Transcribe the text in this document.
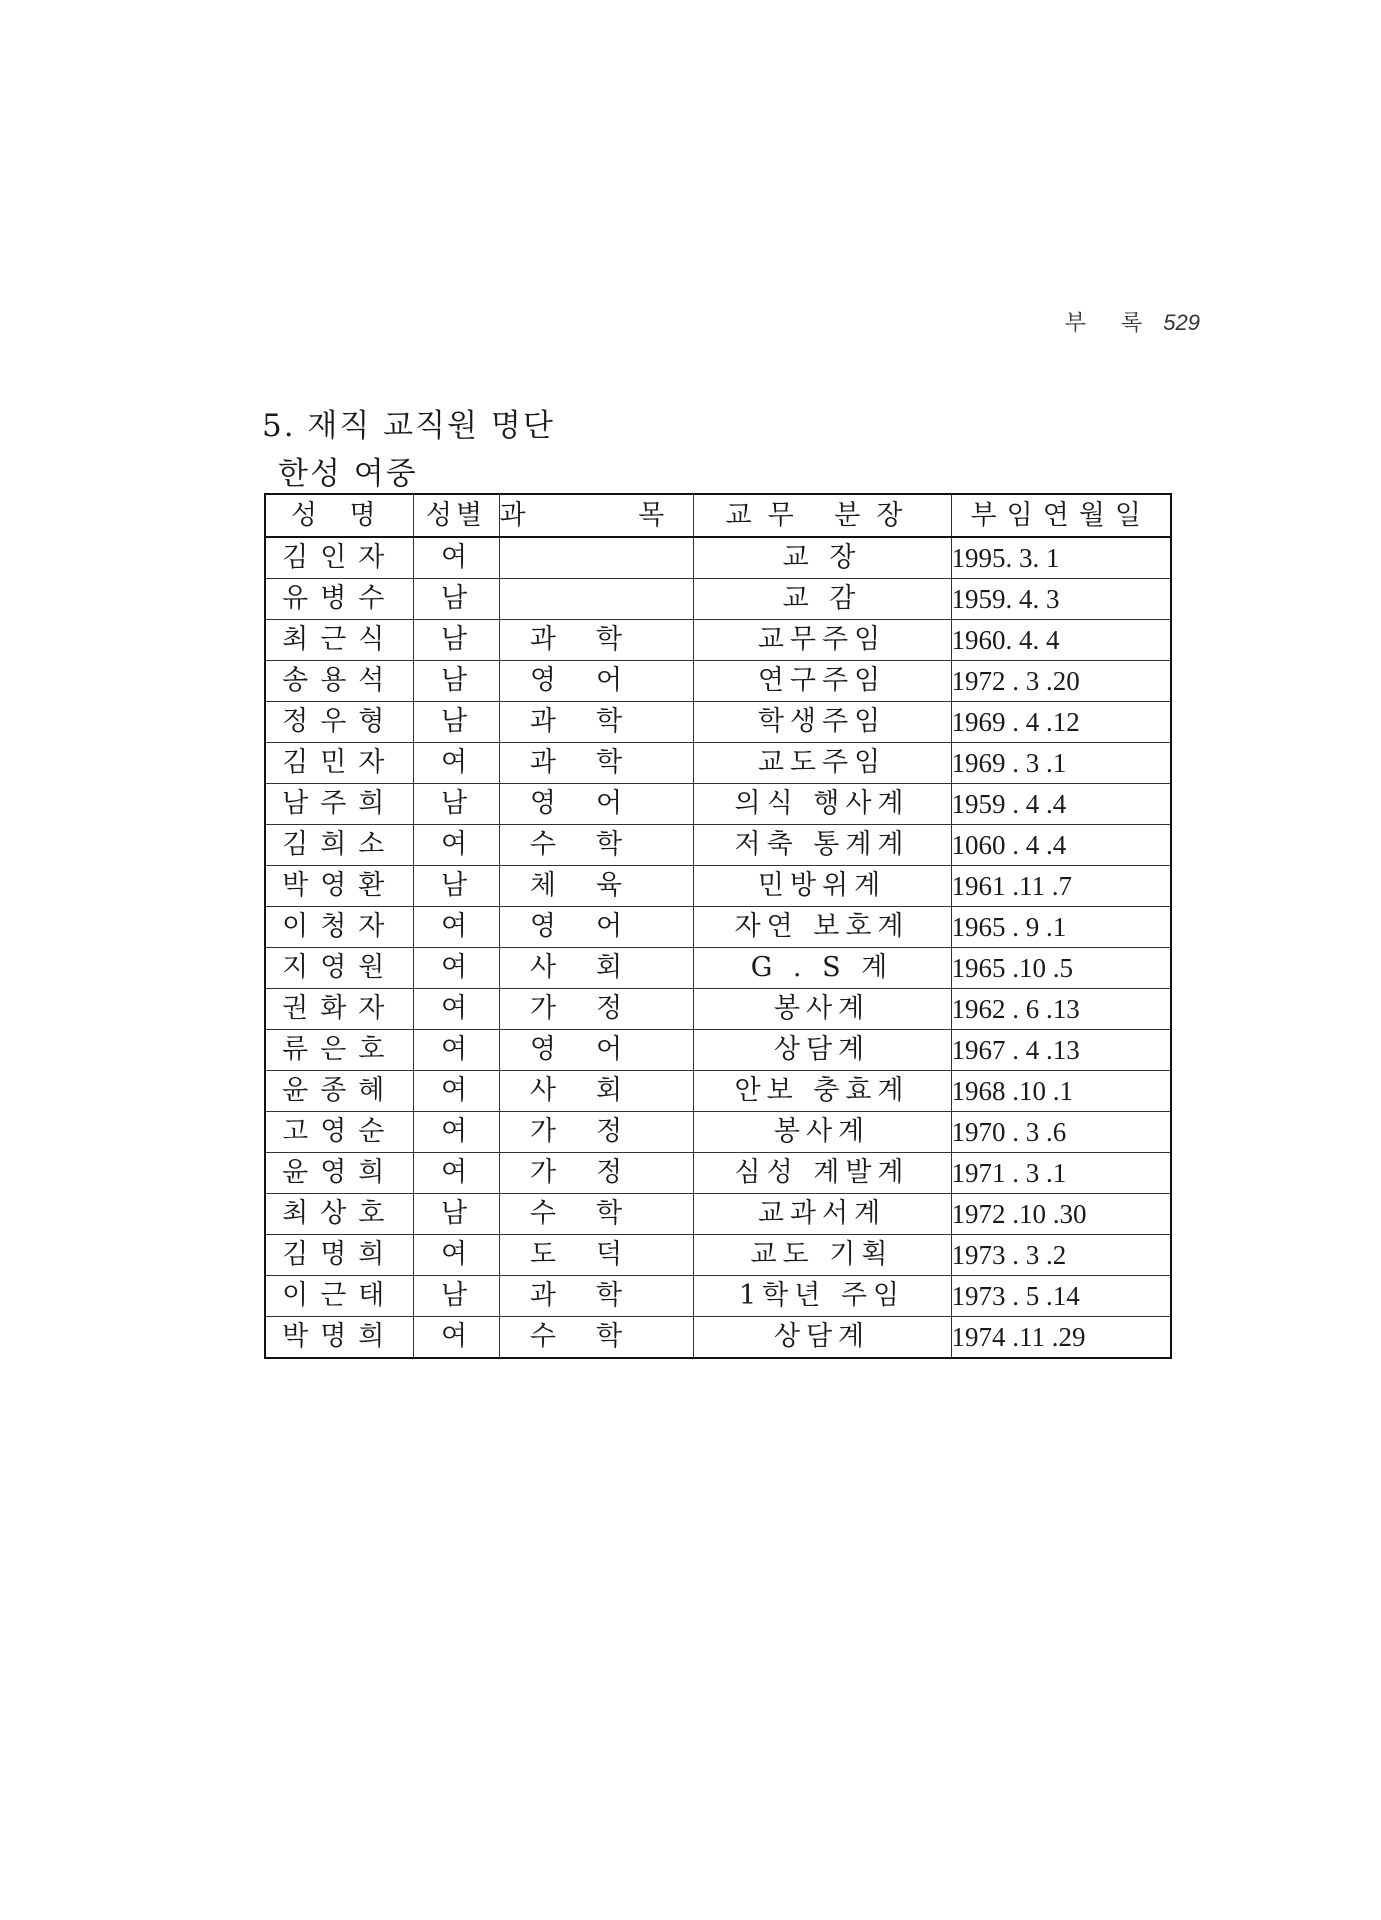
부 록 529
5. 재직 교직원 명단
한성 여중
성 명	성별	과 목	교무 분장	부임연월일
김인자	여		교 장	1995. 3. 1
유병수	남		교 감	1959. 4. 3
최근식	남	과학	교무주임	1960. 4. 4
송용석	남	영어	연구주임	1972 . 3 .20
정우형	남	과학	학생주임	1969 . 4 .12
김민자	여	과학	교도주임	1969 . 3 .1
남주희	남	영어	의식 행사계	1959 . 4 .4
김희소	여	수학	저축 통계계	1060 . 4 .4
박영환	남	체육	민방위계	1961 .11 .7
이청자	여	영어	자연 보호계	1965 . 9 .1
지영원	여	사회	G . S 계	1965 .10 .5
권화자	여	가정	봉사계	1962 . 6 .13
류은호	여	영어	상담계	1967 . 4 .13
윤종혜	여	사회	안보 충효계	1968 .10 .1
고영순	여	가정	봉사계	1970 . 3 .6
윤영희	여	가정	심성 계발계	1971 . 3 .1
최상호	남	수학	교과서계	1972 .10 .30
김명희	여	도덕	교도 기획	1973 . 3 .2
이근태	남	과학	1학년 주임	1973 . 5 .14
박명희	여	수학	상담계	1974 .11 .29
